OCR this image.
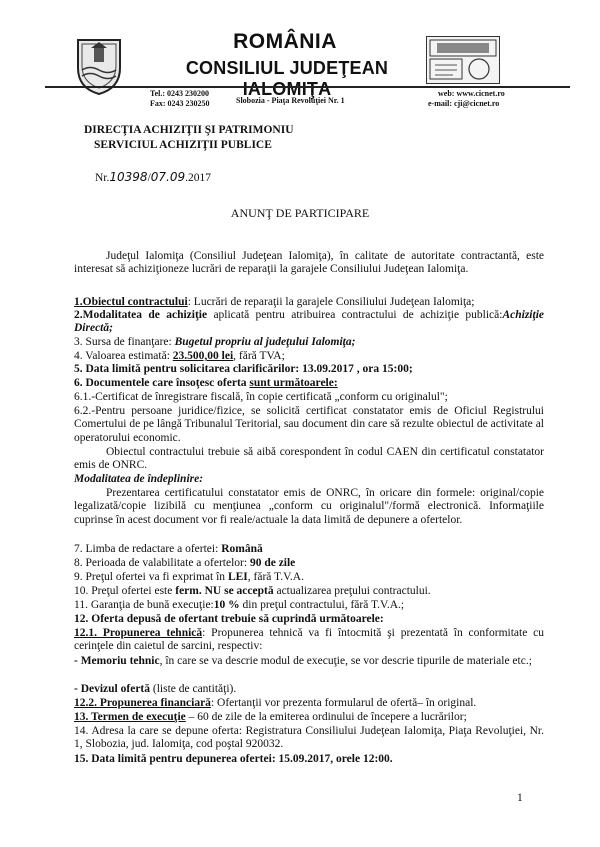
ROMÂNIA
CONSILIUL JUDEŢEAN IALOMIŢA
Tel.: 0243 230200
Fax: 0243 230250	Slobozia - Piaţa Revoluţiei Nr. 1
web: www.cicnet.ro
e-mail: cji@cicnet.ro
DIRECŢIA ACHIZIŢII ŞI PATRIMONIU
SERVICIUL ACHIZIŢII PUBLICE
Nr.10398/07.09.2017
ANUNŢ DE PARTICIPARE
Judeţul Ialomiţa (Consiliul Judeţean Ialomiţa), în calitate de autoritate contractantă, este interesat să achiziţioneze lucrări de reparaţii la garajele Consiliului Judeţean Ialomiţa.
1.Obiectul contractului: Lucrări de reparaţii la garajele Consiliului Judeţean Ialomiţa;
2.Modalitatea de achiziţie aplicată pentru atribuirea contractului de achiziţie publică:Achiziţie Directă;
3. Sursa de finanţare: Bugetul propriu al judeţului Ialomiţa;
4. Valoarea estimată: 23.500,00 lei, fără TVA;
5. Data limită pentru solicitarea clarificărilor: 13.09.2017 , ora 15:00;
6. Documentele care însoţesc oferta sunt următoarele:
6.1.-Certificat de înregistrare fiscală, în copie certificată „conform cu originalul";
6.2.-Pentru persoane juridice/fizice, se solicită certificat constatator emis de Oficiul Registrului Comertului de pe lângă Tribunalul Teritorial, sau document din care să rezulte obiectul de activitate al operatorului economic.
Obiectul contractului trebuie să aibă corespondent în codul CAEN din certificatul constatator emis de ONRC.
Modalitatea de îndeplinire:
Prezentarea certificatului constatator emis de ONRC, în oricare din formele: original/copie legalizată/copie lizibilă cu menţiunea „conform cu originalul"/formă electronică. Informaţiile cuprinse în acest document vor fi reale/actuale la data limită de depunere a ofertelor.
7. Limba de redactare a ofertei: Română
8. Perioada de valabilitate a ofertelor: 90 de zile
9. Preţul ofertei va fi exprimat în LEI, fără T.V.A.
10. Preţul ofertei este ferm. NU se acceptă actualizarea preţului contractului.
11. Garanţia de bună execuţie:10 % din preţul contractului, fără T.V.A.;
12. Oferta depusă de ofertant trebuie să cuprindă următoarele:
12.1. Propunerea tehnică: Propunerea tehnică va fi întocmită şi prezentată în conformitate cu cerinţele din caietul de sarcini, respectiv:
- Memoriu tehnic, în care se va descrie modul de execuţie, se vor descrie tipurile de materiale etc.;
- Devizul ofertă (liste de cantităţi).
12.2. Propunerea financiară: Ofertanţii vor prezenta formularul de ofertă– în original.
13. Termen de execuţie – 60 de zile de la emiterea ordinului de începere a lucrărilor;
14. Adresa la care se depune oferta: Registratura Consiliului Judeţean Ialomiţa, Piaţa Revoluţiei, Nr. 1, Slobozia, jud. Ialomiţa, cod poştal 920032.
15. Data limită pentru depunerea ofertei: 15.09.2017, orele 12:00.
1
